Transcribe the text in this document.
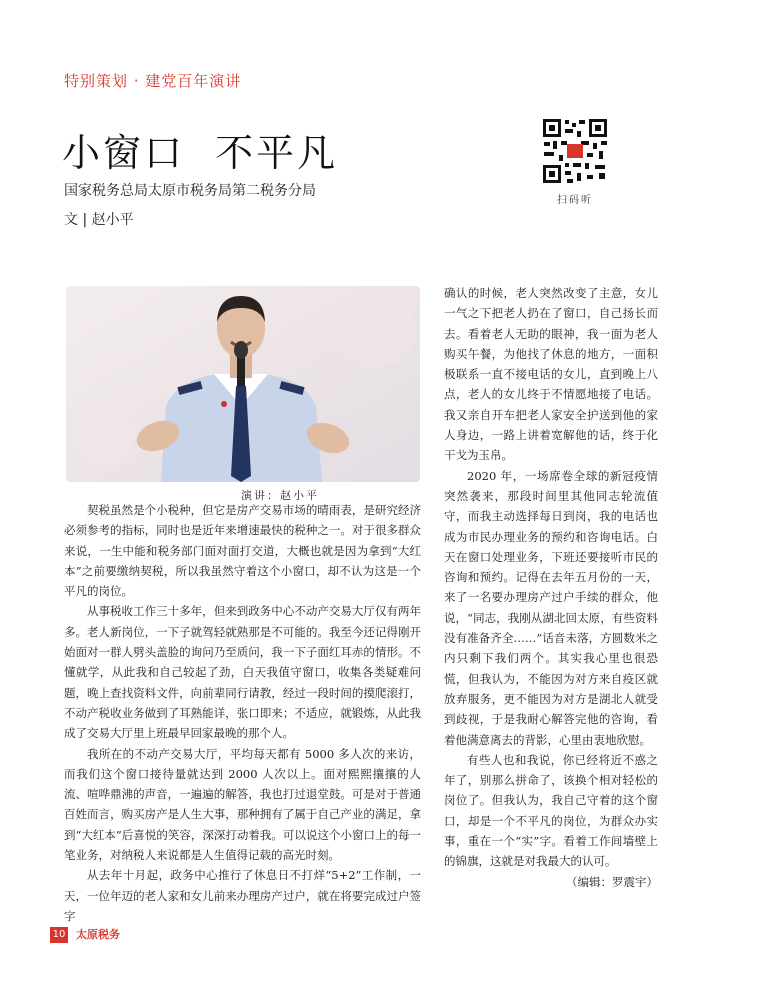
特别策划 · 建党百年演讲
小窗口  不平凡
国家税务总局太原市税务局第二税务分局
文 | 赵小平
扫码听
演讲：赵小平

契税虽然是个小税种，但它是房产交易市场的晴雨表，是研究经济必须参考的指标，同时也是近年来增速最快的税种之一。对于很多群众来说，一生中能和税务部门面对面打交道，大概也就是因为拿到“大红本”之前要缴纳契税，所以我虽然守着这个小窗口，却不认为这是一个平凡的岗位。

从事税收工作三十多年，但来到政务中心不动产交易大厅仅有两年多。老人新岗位，一下子就驾轻就熟那是不可能的。我至今还记得刚开始面对一群人劈头盖脸的询问乃至质问，我一下子面红耳赤的情形。不懂就学，从此我和自己较起了劲，白天我值守窗口，收集各类疑难问题，晚上查找资料文件，向前辈同行请教，经过一段时间的摸爬滚打，不动产税收业务做到了耳熟能详，张口即来；不适应，就锻炼，从此我成了交易大厅里上班最早回家最晚的那个人。

我所在的不动产交易大厅，平均每天都有 5000 多人次的来访，而我们这个窗口接待量就达到 2000 人次以上。面对熙熙攘攘的人流、喧哗鼎沸的声音，一遍遍的解答，我也打过退堂鼓。可是对于普通百姓而言，购买房产是人生大事，那种拥有了属于自己产业的满足，拿到“大红本”后喜悦的笑容，深深打动着我。可以说这个小窗口上的每一笔业务，对纳税人来说都是人生值得记载的高光时刻。

从去年十月起，政务中心推行了休息日不打烊“5+2”工作制，一天，一位年迈的老人家和女儿前来办理房产过户，就在将要完成过户签字

确认的时候，老人突然改变了主意，女儿一气之下把老人扔在了窗口，自己扬长而去。看着老人无助的眼神，我一面为老人购买午餐，为他找了休息的地方，一面积极联系一直不接电话的女儿，直到晚上八点，老人的女儿终于不情愿地接了电话。我又亲自开车把老人家安全护送到他的家人身边，一路上讲着宽解他的话，终于化干戈为玉帛。

2020 年，一场席卷全球的新冠疫情突然袭来，那段时间里其他同志轮流值守，而我主动选择每日到岗，我的电话也成为市民办理业务的预约和咨询电话。白天在窗口处理业务，下班还要接听市民的咨询和预约。记得在去年五月份的一天，来了一名要办理房产过户手续的群众，他说，“同志，我刚从湖北回太原，有些资料没有准备齐全……”话音未落，方圆数米之内只剩下我们两个。其实我心里也很恐慌，但我认为，不能因为对方来自疫区就放弃服务，更不能因为对方是湖北人就受到歧视，于是我耐心解答完他的咨询，看着他满意离去的背影，心里由衷地欣慰。

有些人也和我说，你已经将近不惑之年了，别那么拼命了，该换个相对轻松的岗位了。但我认为，我自己守着的这个窗口，却是一个不平凡的岗位，为群众办实事，重在一个“实”字。看着工作间墙壁上的锦旗，这就是对我最大的认可。

（编辑：罗震宇）
10 太原税务
